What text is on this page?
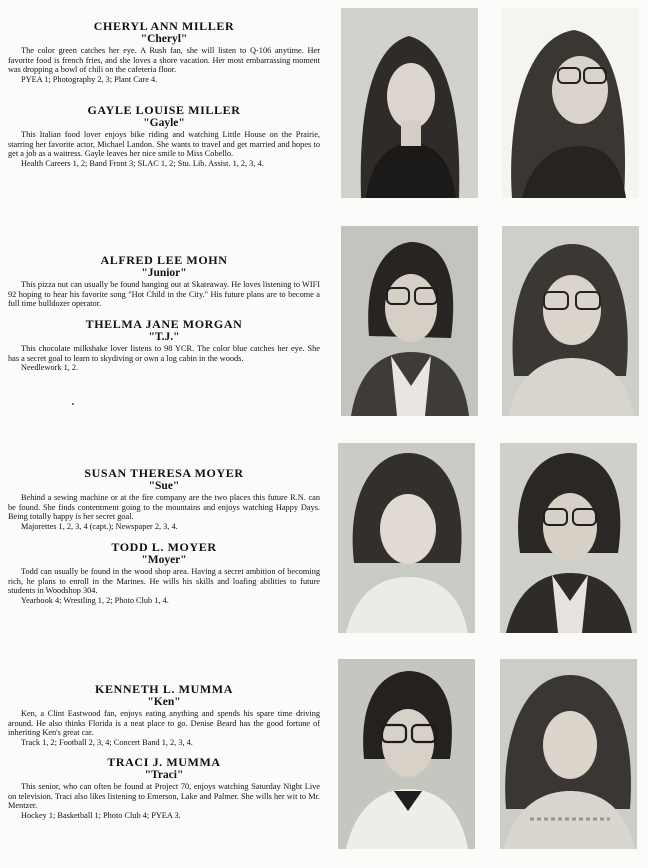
CHERYL ANN MILLER
"Cheryl"

The color green catches her eye. A Rush fan, she will listen to Q-106 anytime. Her favorite food is french fries, and she loves a shore vacation. Her most embarrassing moment was dropping a bowl of chili on the cafeteria floor.

PYEA 1; Photography 2, 3; Plant Care 4.

GAYLE LOUISE MILLER
"Gayle"

This Italian food lover enjoys bike riding and watching Little House on the Prairie, starring her favorite actor, Michael Landon. She wants to travel and get married and hopes to get a job as a waitress. Gayle leaves her nice smile to Miss Cobello.

Health Careers 1, 2; Band Front 3; SLAC 1, 2; Stu. Lib. Assist. 1, 2, 3, 4.

ALFRED LEE MOHN
"Junior"

This pizza nut can usually be found hanging out at Skateaway. He loves listening to WIFI 92 hoping to hear his favorite song "Hot Child in the City." His future plans are to become a full time bulldozer operator.

THELMA JANE MORGAN
"T.J."

This chocolate milkshake lover listens to 98 YCR. The color blue catches her eye. She has a secret goal to learn to skydiving or own a log cabin in the woods.

Needlework 1, 2.

SUSAN THERESA MOYER
"Sue"

Behind a sewing machine or at the fire company are the two places this future R.N. can be found. She finds contentment going to the mountains and enjoys watching Happy Days. Being totally happy is her secret goal.

Majorettes 1, 2, 3, 4 (capt.); Newspaper 2, 3, 4.

TODD L. MOYER
"Moyer"

Todd can usually be found in the wood shop area. Having a secret ambition of becoming rich, he plans to enroll in the Marines. He wills his skills and loafing abilities to future students in Woodshop 304.

Yearbook 4; Wrestling 1, 2; Photo Club 1, 4.

KENNETH L. MUMMA
"Ken"

Ken, a Clint Eastwood fan, enjoys eating anything and spends his spare time driving around. He also thinks Florida is a neat place to go. Denise Beard has the good fortune of inheriting Ken's great car.

Track 1, 2; Football 2, 3, 4; Concert Band 1, 2, 3, 4.

TRACI J. MUMMA
"Traci"

This senior, who can often be found at Project 70, enjoys watching Saturday Night Live on television. Traci also likes listening to Emerson, Lake and Palmer. She wills her wit to Mr. Mentzer.

Hockey 1; Basketball 1; Photo Club 4; PYEA 3.
